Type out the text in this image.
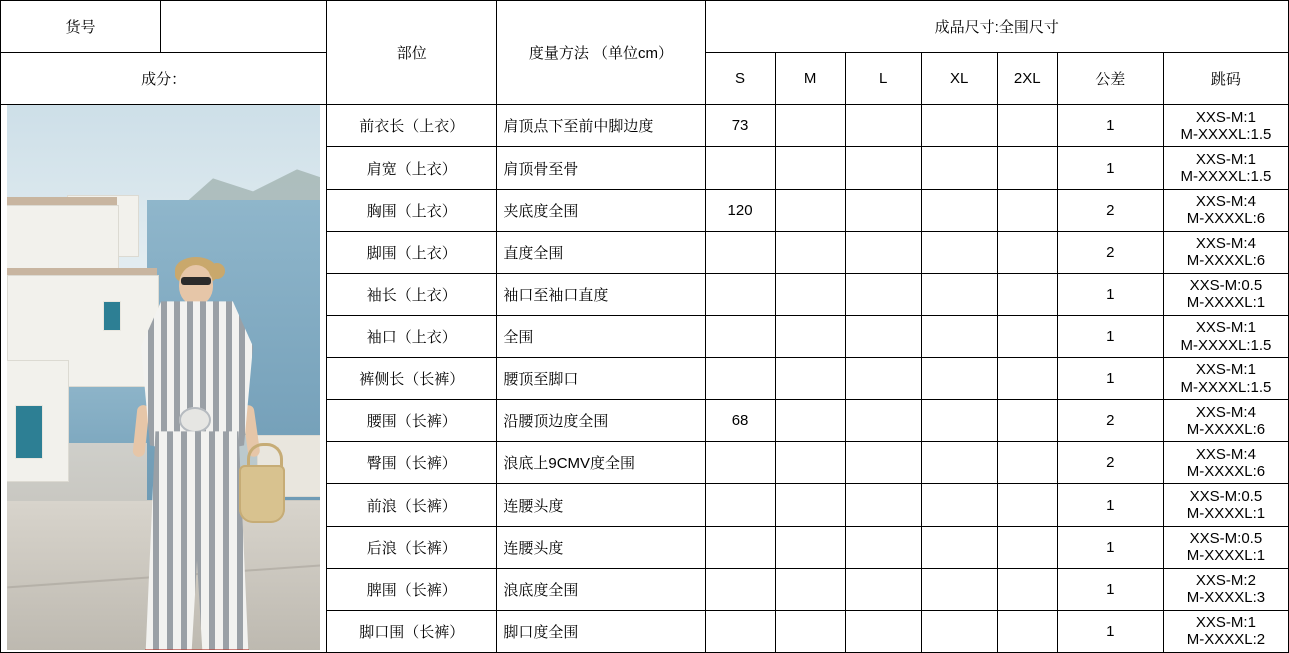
货号		部位	度量方法 （单位cm）	成品尺寸:全围尺寸						
成分：				S	M	L	XL	2XL	公差	跳码

		前衣长（上衣）	肩顶点下至前中脚边度	73					1	XXS-M:1
M-XXXXL:1.5

		肩宽（上衣）	肩顶骨至骨						1	XXS-M:1
M-XXXXL:1.5

		胸围（上衣）	夹底度全围	120					2	XXS-M:4
M-XXXXL:6

		脚围（上衣）	直度全围						2	XXS-M:4
M-XXXXL:6

		袖长（上衣）	袖口至袖口直度						1	XXS-M:0.5
M-XXXXL:1

		袖口（上衣）	全围						1	XXS-M:1
M-XXXXL:1.5

		裤侧长（长裤）	腰顶至脚口						1	XXS-M:1
M-XXXXL:1.5

		腰围（长裤）	沿腰顶边度全围	68					2	XXS-M:4
M-XXXXL:6

		臀围（长裤）	浪底上9CMV度全围						2	XXS-M:4
M-XXXXL:6

		前浪（长裤）	连腰头度						1	XXS-M:0.5
M-XXXXL:1

		后浪（长裤）	连腰头度						1	XXS-M:0.5
M-XXXXL:1

		脾围（长裤）	浪底度全围						1	XXS-M:2
M-XXXXL:3

		脚口围（长裤）	脚口度全围						1	XXS-M:1
M-XXXXL:2
